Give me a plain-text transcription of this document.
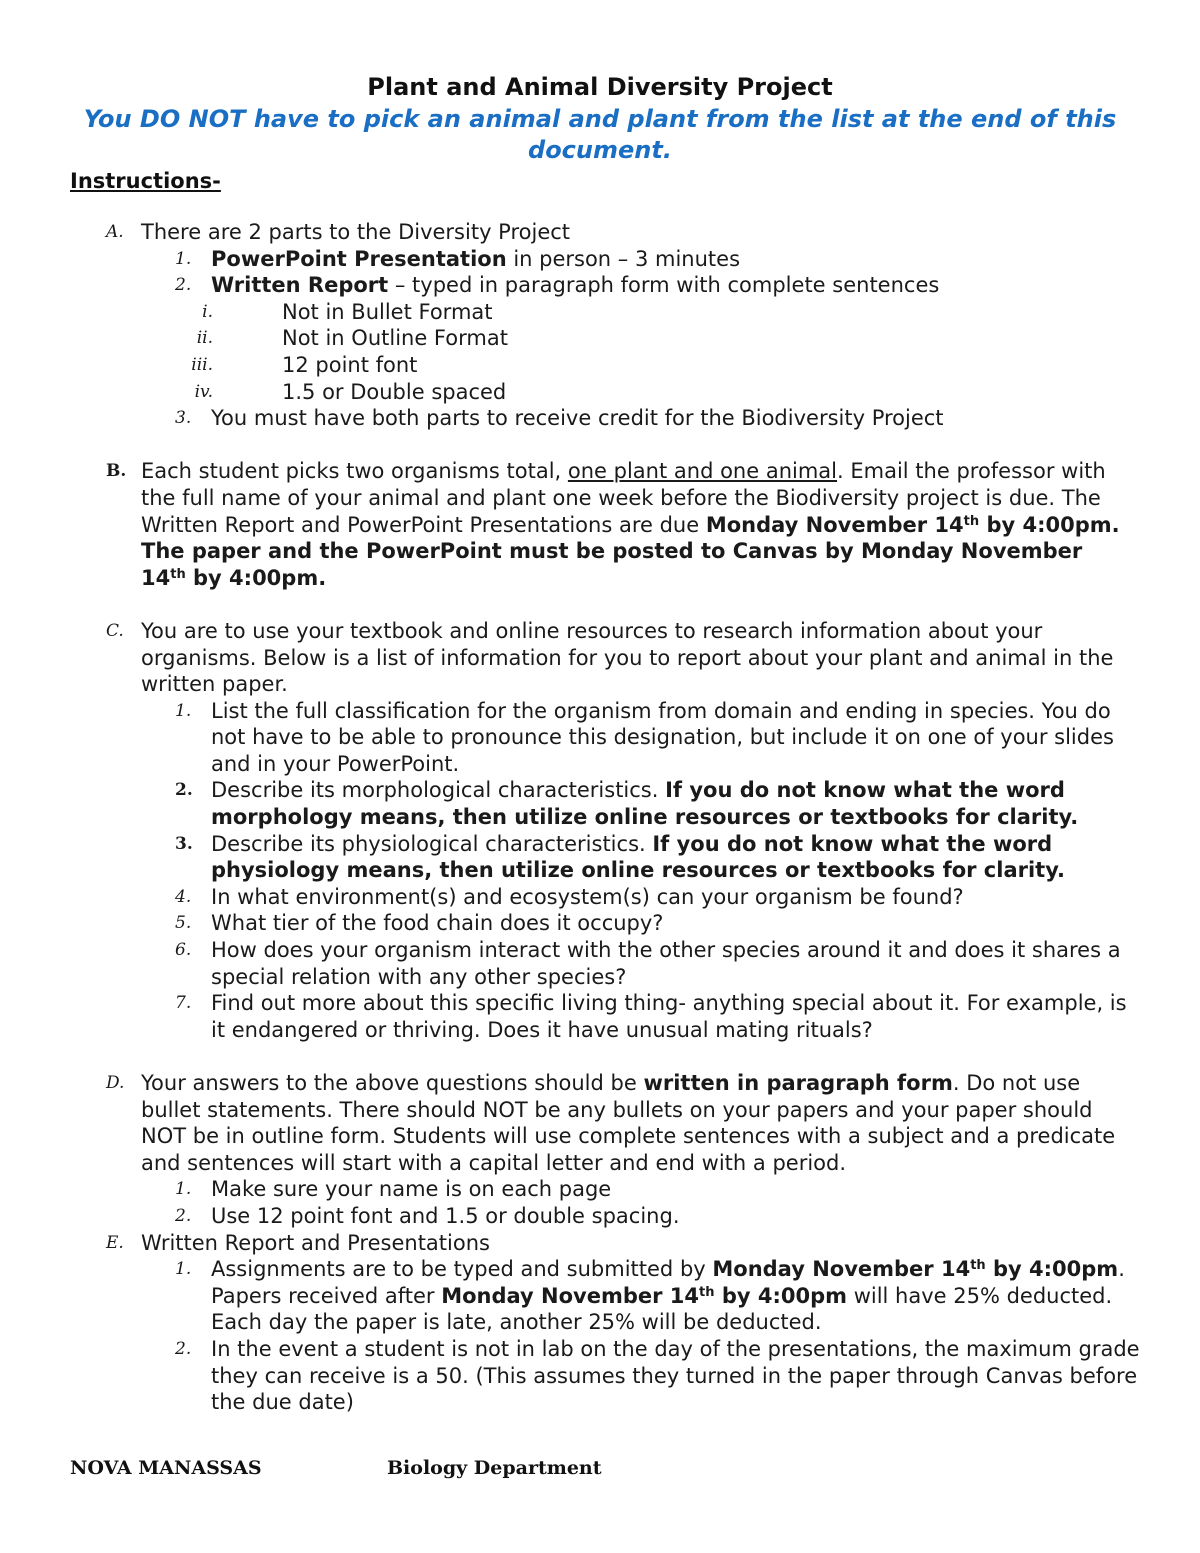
Plant and Animal Diversity Project
You DO NOT have to pick an animal and plant from the list at the end of this document.
Instructions-
A. There are 2 parts to the Diversity Project
1. PowerPoint Presentation in person – 3 minutes
2. Written Report – typed in paragraph form with complete sentences
i.	Not in Bullet Format
ii.	Not in Outline Format
iii.	12 point font
iv.	1.5 or Double spaced
3. You must have both parts to receive credit for the Biodiversity Project
B. Each student picks two organisms total, one plant and one animal. Email the professor with the full name of your animal and plant one week before the Biodiversity project is due. The Written Report and PowerPoint Presentations are due Monday November 14th by 4:00pm. The paper and the PowerPoint must be posted to Canvas by Monday November 14th by 4:00pm.
C. You are to use your textbook and online resources to research information about your organisms. Below is a list of information for you to report about your plant and animal in the written paper.
1. List the full classification for the organism from domain and ending in species. You do not have to be able to pronounce this designation, but include it on one of your slides and in your PowerPoint.
2. Describe its morphological characteristics. If you do not know what the word morphology means, then utilize online resources or textbooks for clarity.
3. Describe its physiological characteristics. If you do not know what the word physiology means, then utilize online resources or textbooks for clarity.
4. In what environment(s) and ecosystem(s) can your organism be found?
5. What tier of the food chain does it occupy?
6. How does your organism interact with the other species around it and does it shares a special relation with any other species?
7. Find out more about this specific living thing- anything special about it. For example, is it endangered or thriving. Does it have unusual mating rituals?
D. Your answers to the above questions should be written in paragraph form. Do not use bullet statements. There should NOT be any bullets on your papers and your paper should NOT be in outline form. Students will use complete sentences with a subject and a predicate and sentences will start with a capital letter and end with a period.
1. Make sure your name is on each page
2. Use 12 point font and 1.5 or double spacing.
E. Written Report and Presentations
1. Assignments are to be typed and submitted by Monday November 14th by 4:00pm. Papers received after Monday November 14th by 4:00pm will have 25% deducted. Each day the paper is late, another 25% will be deducted.
2. In the event a student is not in lab on the day of the presentations, the maximum grade they can receive is a 50. (This assumes they turned in the paper through Canvas before the due date)
NOVA MANASSAS	Biology Department
